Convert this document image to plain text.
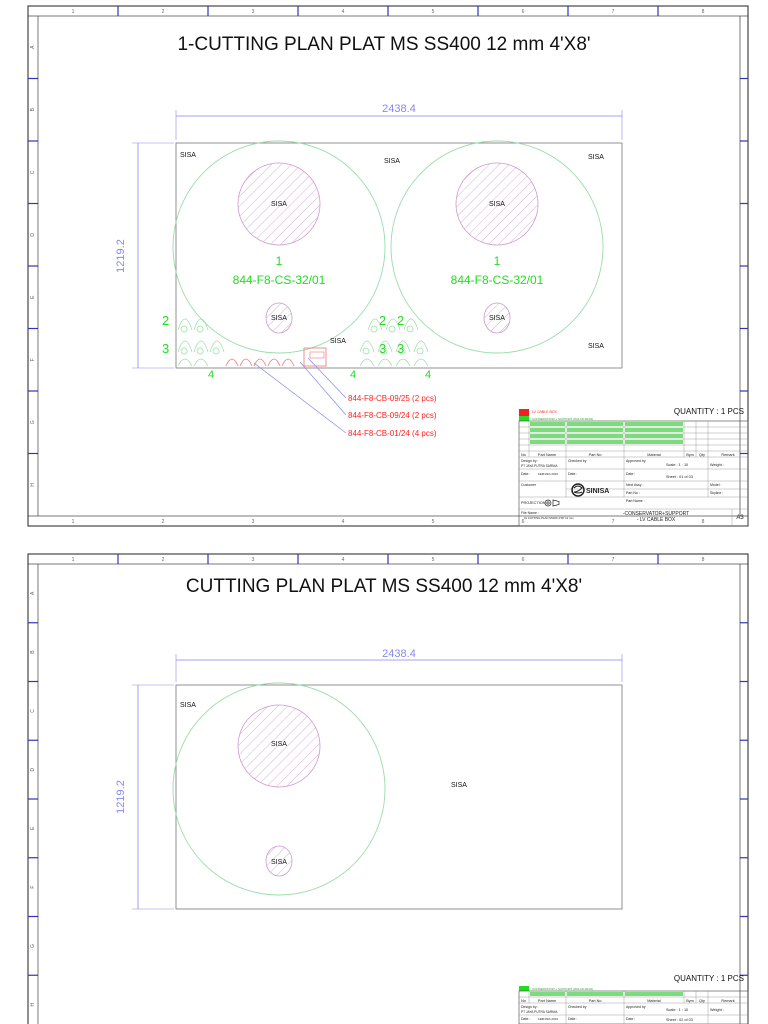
1
1
2
2
3
3
4
4
5
5
6
6
7
7
8
8
A
B
C
D
E
F
G
H
2438.4
1219.2
SISA
SISA
SISA
SISA	SISA
SISA	SISA
SISA
SISA
1
844-F8-CS-32/01
1
844-F8-CS-32/01
2
3
2 2
3 3
4	4	4
844-F8-CB-09/25 (2 pcs)
844-F8-CB-09/24 (2 pcs)
844-F8-CB-01/24 (4 pcs)
QUANTITY : 1 PCS
LV CABLE BOX
CONSERVATOR + SUPPORT (844-F8-00/01)
No	Part Name	Part No	Material	Bym Qty	Remark
Design by :
PT JAYA PUTRA SARNIA
Checked by	Approved by
Scale : 1 : 10	Weight :
Date :	FEB 09th 2016	Date :	Date :
Sheet : 01 of 03
Customer
SINISA
Next Assy :
Part No :
Model :
Skyline :
PROJECTION	Part Name :
File Name :
01 CUTTING PLAN SS400 4'X8' 12 mm
-CONSERVATOR+SUPPORT
- LV CABLE BOX	A3
1-CUTTING PLAN PLAT MS SS400 12 mm 4'X8'
1	2	3	4	5	6	7	8
A
B
C
D
E
F
G
H
2438.4
1219.2
SISA
SISA
SISA
SISA
QUANTITY : 1 PCS
CONSERVATOR + SUPPORT (844-F8-00/01)
No	Part Name	Part No	Material	Bym Qty	Remark
Design by :
PT JAYA PUTRA SARNIA
Checked by	Approved by
Scale : 1 : 10	Weight :
Date :	FEB 09th 2016	Date :	Date :	Sheet : 02 of 03
CUTTING PLAN PLAT MS SS400 12 mm 4'X8'
